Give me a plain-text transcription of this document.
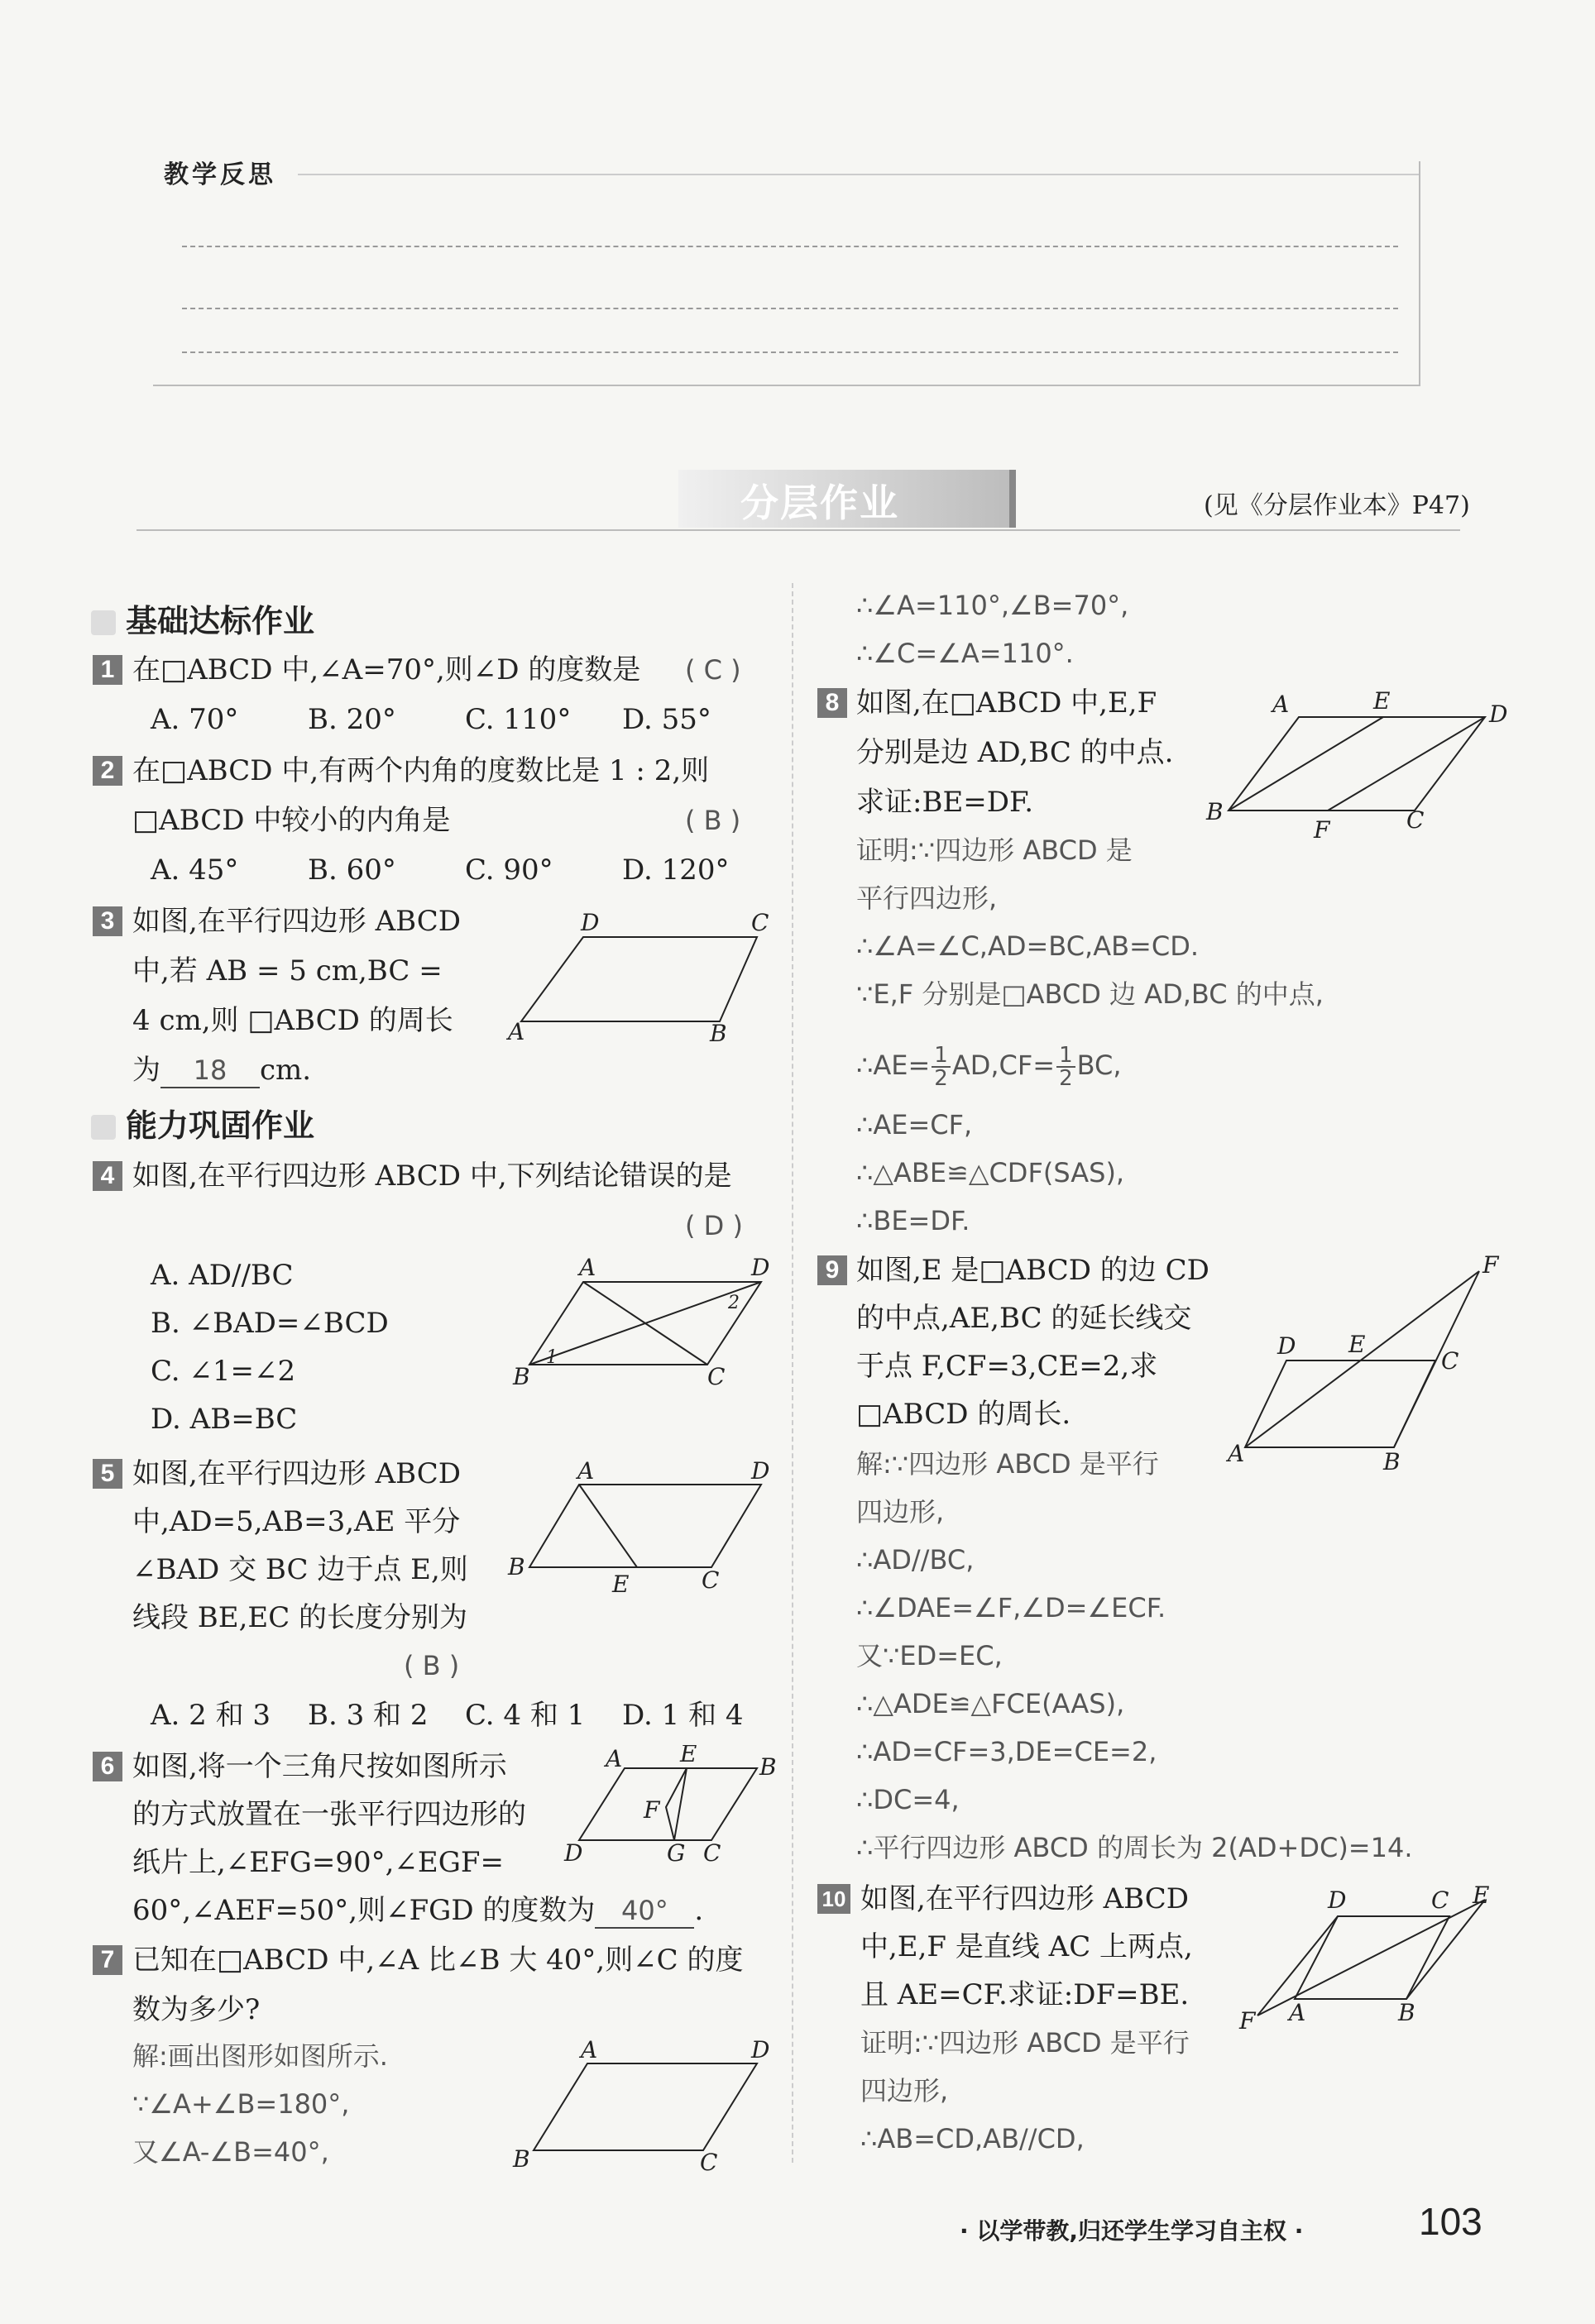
教学反思
分层作业	(见《分层作业本》P47)
基础达标作业
1 在□ABCD 中,∠A=70°,则∠D 的度数是 ( C )
A. 70° B. 20° C. 110° D. 55°
2 在□ABCD 中,有两个内角的度数比是 1 : 2,则
□ABCD 中较小的内角是	( B )
A. 45° B. 60° C. 90° D. 120°
3 如图,在平行四边形 ABCD
中,若 AB = 5 cm,BC =
4 cm,则 □ABCD 的周长
为 18 cm.
D	C
A	B
能力巩固作业
4 如图,在平行四边形 ABCD 中,下列结论错误的是
( D )
A. AD//BC
B. ∠BAD=∠BCD
C. ∠1=∠2
D. AB=BC
A	D
B	C
1
2
5 如图,在平行四边形 ABCD
中,AD=5,AB=3,AE 平分
∠BAD 交 BC 边于点 E,则
线段 BE,EC 的长度分别为
( B )
A. 2 和 3 B. 3 和 2 C. 4 和 1 D. 1 和 4
A	D
B
E	C
6 如图,将一个三角尺按如图所示
的方式放置在一张平行四边形的
纸片上,∠EFG=90°,∠EGF=
60°,∠AEF=50°,则∠FGD 的度数为 40° .
A E	B
F
D	G C
7 已知在□ABCD 中,∠A 比∠B 大 40°,则∠C 的度
数为多少?
解:画出图形如图所示.
∵∠A+∠B=180°,
又∠A-∠B=40°,
A	D
B	C
∴∠A=110°,∠B=70°,
∴∠C=∠A=110°.
8 如图,在□ABCD 中,E,F
分别是边 AD,BC 的中点.
求证:BE=DF.
证明:∵四边形 ABCD 是
平行四边形,
∴∠A=∠C,AD=BC,AB=CD.
∵E,F 分别是□ABCD 边 AD,BC 的中点,
∴AE= $\frac{1}{2} AD,CF= \frac{1}{2}$ BC,
∴AE=CF,
∴△ABE≌△CDF(SAS),
∴BE=DF.
A	E	D
B
F	C
9 如图,E 是□ABCD 的边 CD
的中点,AE,BC 的延长线交
于点 F,CF=3,CE=2,求
□ABCD 的周长.
解:∵四边形 ABCD 是平行
四边形,
∴AD//BC,
∴∠DAE=∠F,∠D=∠ECF.
又∵ED=EC,
∴△ADE≌△FCE(AAS),
∴AD=CF=3,DE=CE=2,
∴DC=4,
∴平行四边形 ABCD 的周长为 2(AD+DC)=14.
F
D E
C
A	B
10 如图,在平行四边形 ABCD
中,E,F 是直线 AC 上两点,
且 AE=CF.求证:DF=BE.
证明:∵四边形 ABCD 是平行
四边形,
∴AB=CD,AB//CD,
D	C E
F A	B
· 以学带教,归还学生学习自主权 ·	103
